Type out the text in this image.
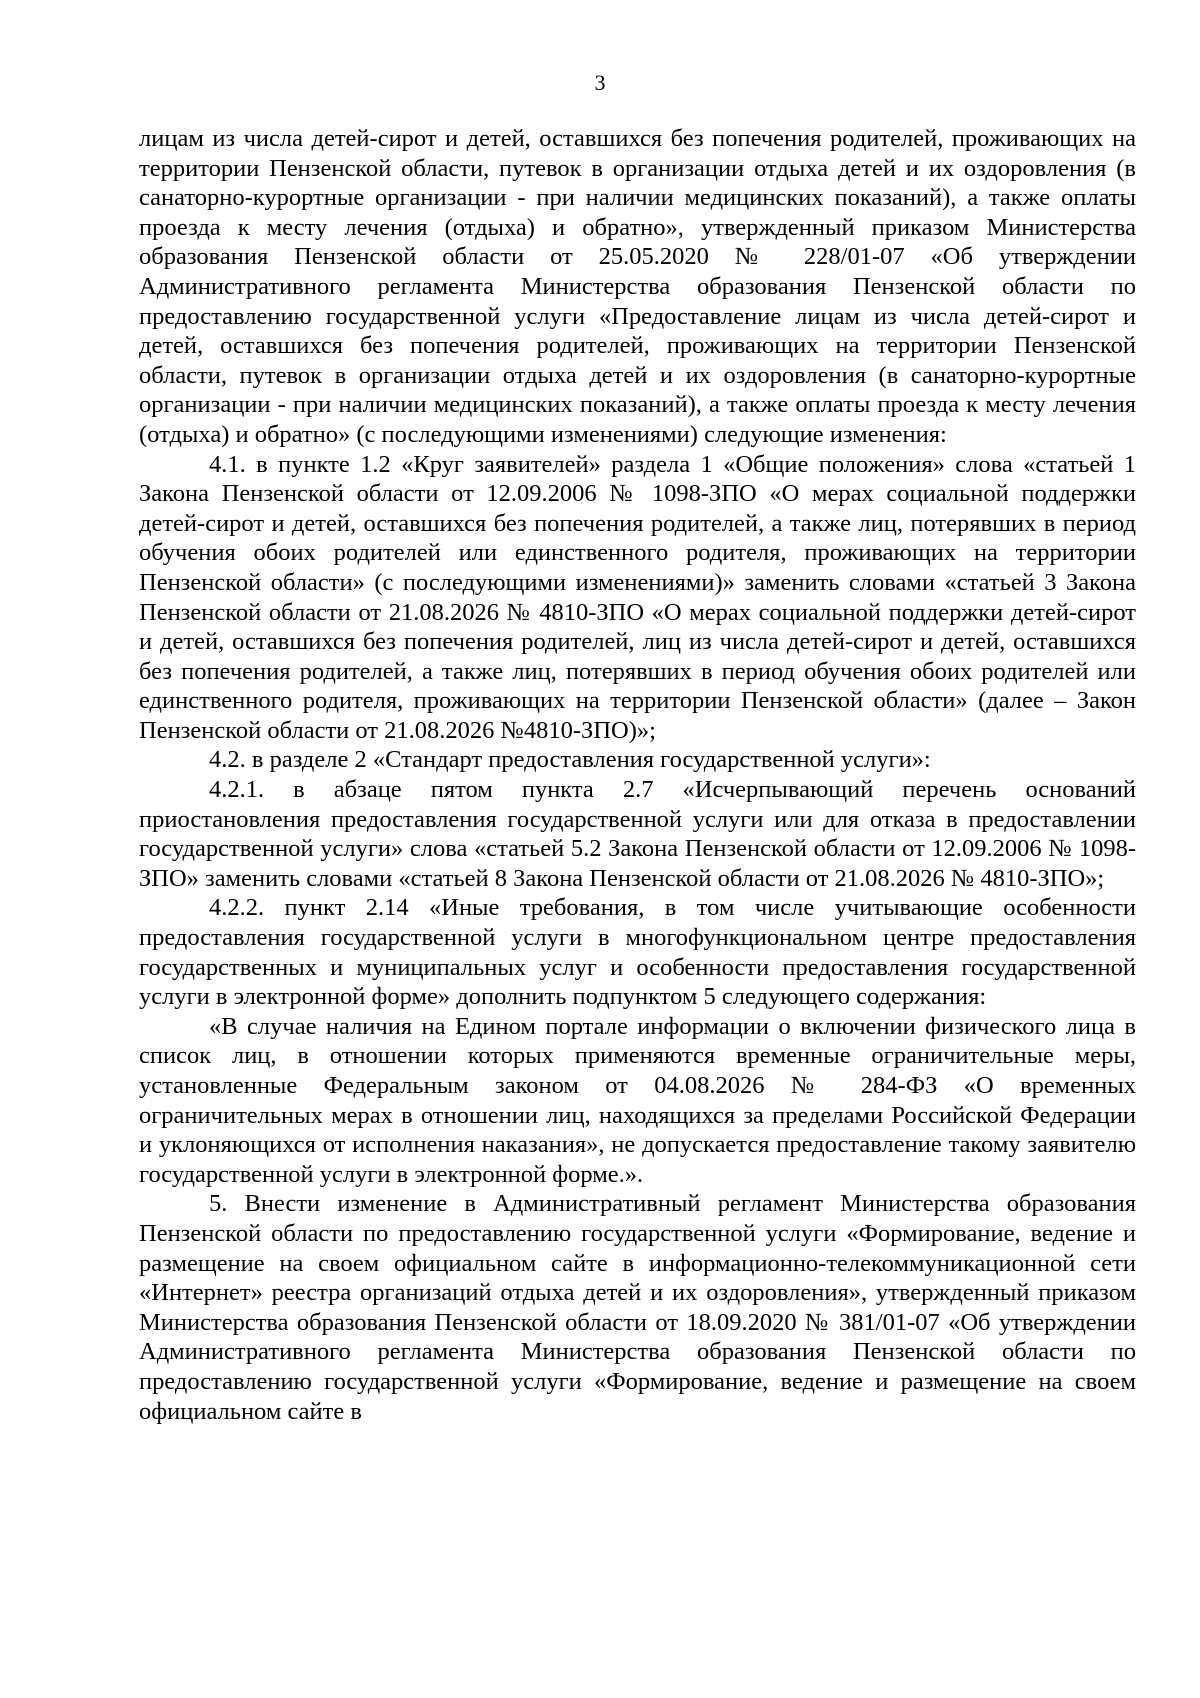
3

лицам из числа детей-сирот и детей, оставшихся без попечения родителей, проживающих на территории Пензенской области, путевок в организации отдыха детей и их оздоровления (в санаторно-курортные организации - при наличии медицинских показаний), а также оплаты проезда к месту лечения (отдыха) и обратно», утвержденный приказом Министерства образования Пензенской области от 25.05.2020 № 228/01-07 «Об утверждении Административного регламента Министерства образования Пензенской области по предоставлению государственной услуги «Предоставление лицам из числа детей-сирот и детей, оставшихся без попечения родителей, проживающих на территории Пензенской области, путевок в организации отдыха детей и их оздоровления (в санаторно-курортные организации - при наличии медицинских показаний), а также оплаты проезда к месту лечения (отдыха) и обратно» (с последующими изменениями) следующие изменения:

4.1. в пункте 1.2 «Круг заявителей» раздела 1 «Общие положения» слова «статьей 1 Закона Пензенской области от 12.09.2006 № 1098-ЗПО «О мерах социальной поддержки детей-сирот и детей, оставшихся без попечения родителей, а также лиц, потерявших в период обучения обоих родителей или единственного родителя, проживающих на территории Пензенской области» (с последующими изменениями)» заменить словами «статьей 3 Закона Пензенской области от 21.08.2026 № 4810-ЗПО «О мерах социальной поддержки детей-сирот и детей, оставшихся без попечения родителей, лиц из числа детей-сирот и детей, оставшихся без попечения родителей, а также лиц, потерявших в период обучения обоих родителей или единственного родителя, проживающих на территории Пензенской области» (далее – Закон Пензенской области от 21.08.2026 №4810-ЗПО)»;

4.2. в разделе 2 «Стандарт предоставления государственной услуги»:

4.2.1. в абзаце пятом пункта 2.7 «Исчерпывающий перечень оснований приостановления предоставления государственной услуги или для отказа в предоставлении государственной услуги» слова «статьей 5.2 Закона Пензенской области от 12.09.2006 № 1098-ЗПО» заменить словами «статьей 8 Закона Пензенской области от 21.08.2026 № 4810-ЗПО»;

4.2.2. пункт 2.14 «Иные требования, в том числе учитывающие особенности предоставления государственной услуги в многофункциональном центре предоставления государственных и муниципальных услуг и особенности предоставления государственной услуги в электронной форме» дополнить подпунктом 5 следующего содержания:

«В случае наличия на Едином портале информации о включении физического лица в список лиц, в отношении которых применяются временные ограничительные меры, установленные Федеральным законом от 04.08.2026 № 284-ФЗ «О временных ограничительных мерах в отношении лиц, находящихся за пределами Российской Федерации и уклоняющихся от исполнения наказания», не допускается предоставление такому заявителю государственной услуги в электронной форме.».

5. Внести изменение в Административный регламент Министерства образования Пензенской области по предоставлению государственной услуги «Формирование, ведение и размещение на своем официальном сайте в информационно-телекоммуникационной сети «Интернет» реестра организаций отдыха детей и их оздоровления», утвержденный приказом Министерства образования Пензенской области от 18.09.2020 № 381/01-07 «Об утверждении Административного регламента Министерства образования Пензенской области по предоставлению государственной услуги «Формирование, ведение и размещение на своем официальном сайте в
